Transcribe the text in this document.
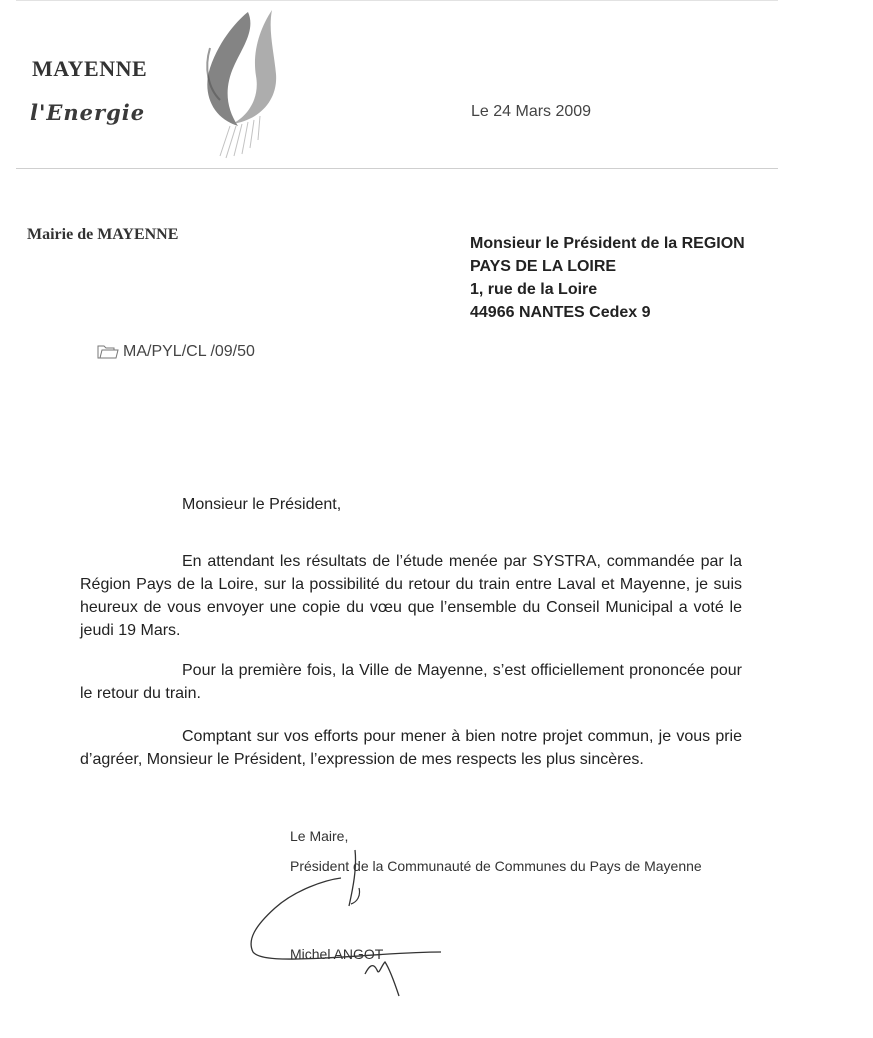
MAYENNE
l'Energie	Le 24 Mars 2009
Mairie de MAYENNE
Monsieur le Président de la REGION
PAYS DE LA LOIRE
1, rue de la Loire
44966 NANTES Cedex 9
MA/PYL/CL /09/50
Monsieur le Président,
En attendant les résultats de l’étude menée par SYSTRA, commandée par la Région Pays de la Loire, sur la possibilité du retour du train entre Laval et Mayenne, je suis heureux de vous envoyer une copie du vœu que l’ensemble du Conseil Municipal a voté le jeudi 19 Mars.
Pour la première fois, la Ville de Mayenne, s’est officiellement prononcée pour le retour du train.
Comptant sur vos efforts pour mener à bien notre projet commun, je vous prie d’agréer, Monsieur le Président, l’expression de mes respects les plus sincères.
Le Maire,
Président de la Communauté de Communes du Pays de Mayenne
Michel ANGOT
